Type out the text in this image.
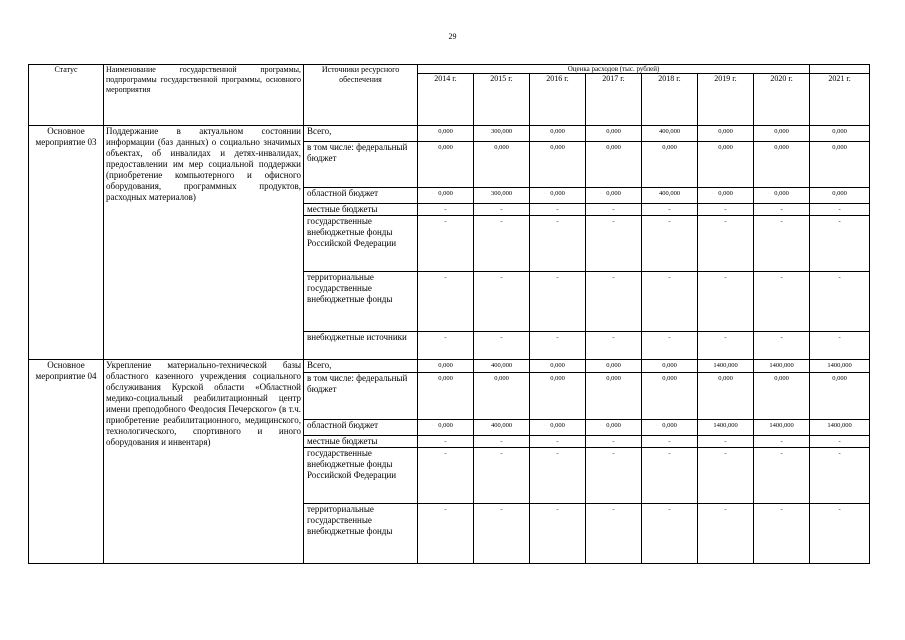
29
Статус	Наименование государственной программы, подпрограммы государственной программы, основного мероприятия	Источники ресурсного обеспечения	Оценка расходов (тыс. рублей)							
			2014 г.	2015 г.	2016 г.	2017 г.	2018 г.	2019 г.	2020 г.	2021 г.
Основное мероприятие 03	Поддержание в актуальном состоянии информации (баз данных) о социально значимых объектах, об инвалидах и детях-инвалидах, предоставлении им мер социальной поддержки (приобретение компьютерного и офисного оборудования, программных продуктов, расходных материалов)	Всего,	0,000	300,000	0,000	0,000	400,000	0,000	0,000	0,000
		в том числе: федеральный бюджет	0,000	0,000	0,000	0,000	0,000	0,000	0,000	0,000
		областной бюджет	0,000	300,000	0,000	0,000	400,000	0,000	0,000	0,000
		местные бюджеты	-	-	-	-	-	-	-	-
		государственные внебюджетные фонды Российской Федерации	-	-	-	-	-	-	-	-
		территориальные государственные внебюджетные фонды	-	-	-	-	-	-	-	-
		внебюджетные источники	-	-	-	-	-	-	-	-
Основное мероприятие 04	Укрепление материально-технической базы областного казенного учреждения социального обслуживания Курской области «Областной медико-социальный реабилитационный центр имени преподобного Феодосия Печерского» (в т.ч. приобретение реабилитационного, медицинского, технологического, спортивного и иного оборудования и инвентаря)	Всего,	0,000	400,000	0,000	0,000	0,000	1400,000	1400,000	1400,000
		в том числе: федеральный бюджет	0,000	0,000	0,000	0,000	0,000	0,000	0,000	0,000
		областной бюджет	0,000	400,000	0,000	0,000	0,000	1400,000	1400,000	1400,000
		местные бюджеты	-	-	-	-	-	-	-	-
		государственные внебюджетные фонды Российской Федерации	-	-	-	-	-	-	-	-
		территориальные государственные внебюджетные фонды	-	-	-	-	-	-	-	-
